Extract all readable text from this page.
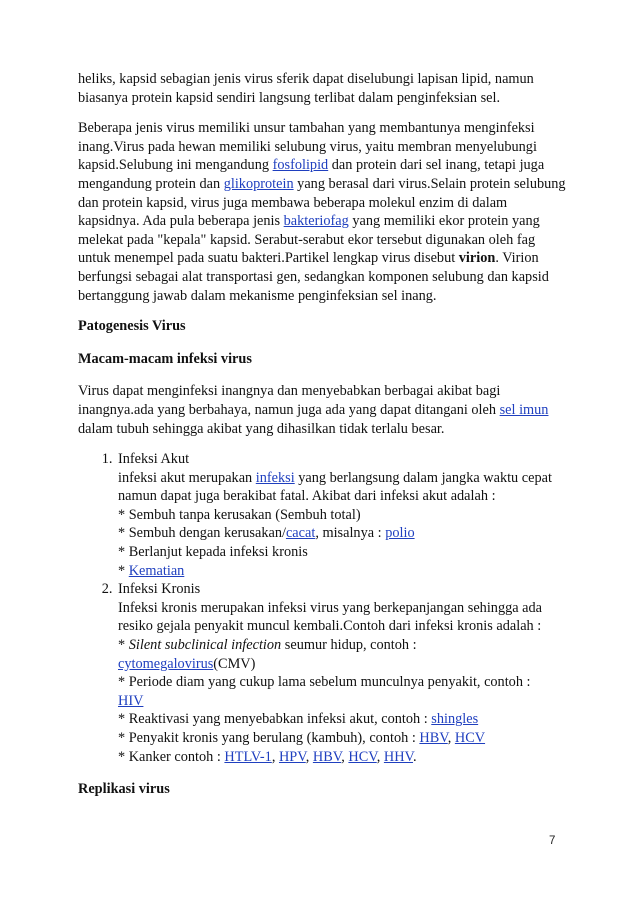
heliks, kapsid sebagian jenis virus sferik dapat diselubungi lapisan lipid, namun biasanya protein kapsid sendiri langsung terlibat dalam penginfeksian sel.

Beberapa jenis virus memiliki unsur tambahan yang membantunya menginfeksi inang.Virus pada hewan memiliki selubung virus, yaitu membran menyelubungi kapsid.Selubung ini mengandung fosfolipid dan protein dari sel inang, tetapi juga mengandung protein dan glikoprotein yang berasal dari virus.Selain protein selubung dan protein kapsid, virus juga membawa beberapa molekul enzim di dalam kapsidnya. Ada pula beberapa jenis bakteriofag yang memiliki ekor protein yang melekat pada "kepala" kapsid. Serabut-serabut ekor tersebut digunakan oleh fag untuk menempel pada suatu bakteri.Partikel lengkap virus disebut virion. Virion berfungsi sebagai alat transportasi gen, sedangkan komponen selubung dan kapsid bertanggung jawab dalam mekanisme penginfeksian sel inang.

Patogenesis Virus
Macam-macam infeksi virus

Virus dapat menginfeksi inangnya dan menyebabkan berbagai akibat bagi inangnya.ada yang berbahaya, namun juga ada yang dapat ditangani oleh sel imun dalam tubuh sehingga akibat yang dihasilkan tidak terlalu besar.

1. Infeksi Akut
infeksi akut merupakan infeksi yang berlangsung dalam jangka waktu cepat namun dapat juga berakibat fatal. Akibat dari infeksi akut adalah :
* Sembuh tanpa kerusakan (Sembuh total)
* Sembuh dengan kerusakan/cacat, misalnya : polio
* Berlanjut kepada infeksi kronis
* Kematian
2. Infeksi Kronis
Infeksi kronis merupakan infeksi virus yang berkepanjangan sehingga ada resiko gejala penyakit muncul kembali.Contoh dari infeksi kronis adalah :
* Silent subclinical infection seumur hidup, contoh :
cytomegalovirus(CMV)
* Periode diam yang cukup lama sebelum munculnya penyakit, contoh :
HIV
* Reaktivasi yang menyebabkan infeksi akut, contoh : shingles
* Penyakit kronis yang berulang (kambuh), contoh : HBV, HCV
* Kanker contoh : HTLV-1, HPV, HBV, HCV, HHV.
Replikasi virus
7
